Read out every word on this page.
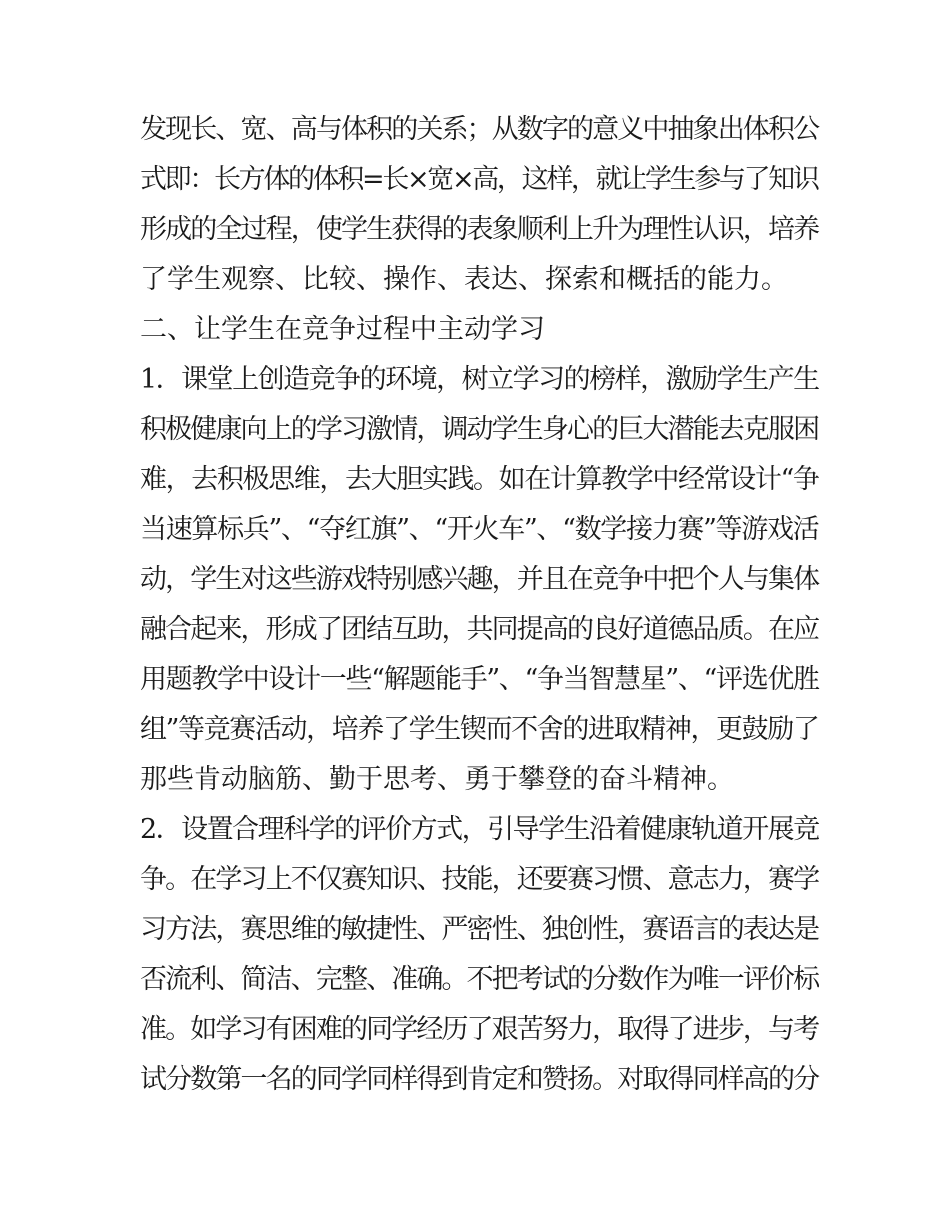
发现长、宽、高与体积的关系；从数字的意义中抽象出体积公

式即：长方体的体积=长×宽×高，这样，就让学生参与了知识

形成的全过程，使学生获得的表象顺利上升为理性认识，培养

了学生观察、比较、操作、表达、探索和概括的能力。

二、让学生在竞争过程中主动学习

1．课堂上创造竞争的环境，树立学习的榜样，激励学生产生

积极健康向上的学习激情，调动学生身心的巨大潜能去克服困

难，去积极思维，去大胆实践。如在计算教学中经常设计“争

当速算标兵”、“夺红旗”、“开火车”、“数学接力赛”等游戏活

动，学生对这些游戏特别感兴趣，并且在竞争中把个人与集体

融合起来，形成了团结互助，共同提高的良好道德品质。在应

用题教学中设计一些“解题能手”、“争当智慧星”、“评选优胜

组”等竞赛活动，培养了学生锲而不舍的进取精神，更鼓励了

那些肯动脑筋、勤于思考、勇于攀登的奋斗精神。

2．设置合理科学的评价方式，引导学生沿着健康轨道开展竞

争。在学习上不仅赛知识、技能，还要赛习惯、意志力，赛学

习方法，赛思维的敏捷性、严密性、独创性，赛语言的表达是

否流利、简洁、完整、准确。不把考试的分数作为唯一评价标

准。如学习有困难的同学经历了艰苦努力，取得了进步，与考

试分数第一名的同学同样得到肯定和赞扬。对取得同样高的分
